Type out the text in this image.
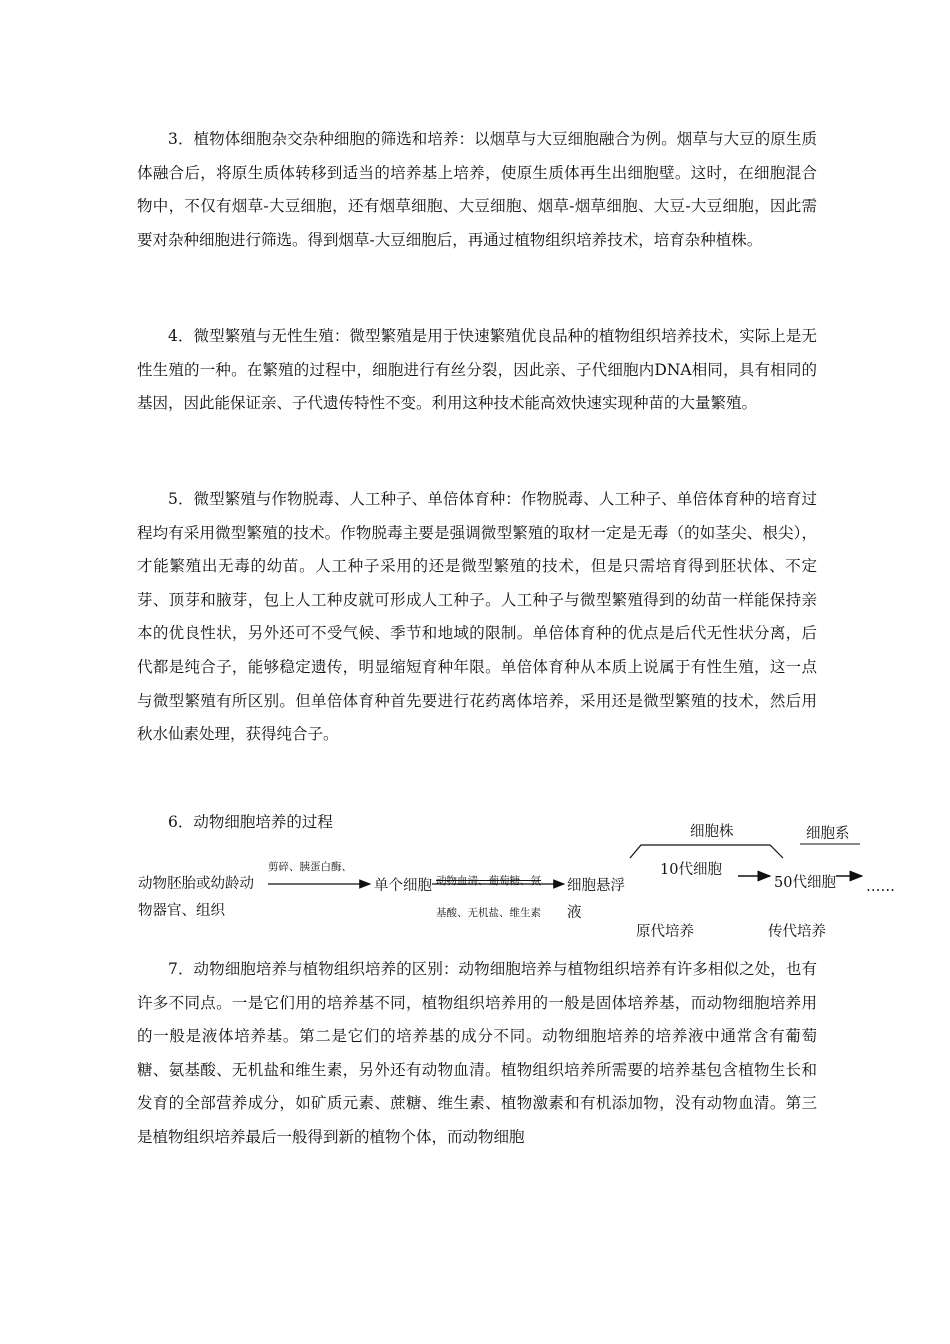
3．植物体细胞杂交杂种细胞的筛选和培养：以烟草与大豆细胞融合为例。烟草与大豆的原生质体融合后，将原生质体转移到适当的培养基上培养，使原生质体再生出细胞壁。这时，在细胞混合物中，不仅有烟草-大豆细胞，还有烟草细胞、大豆细胞、烟草-烟草细胞、大豆-大豆细胞，因此需要对杂种细胞进行筛选。得到烟草-大豆细胞后，再通过植物组织培养技术，培育杂种植株。

4．微型繁殖与无性生殖：微型繁殖是用于快速繁殖优良品种的植物组织培养技术，实际上是无性生殖的一种。在繁殖的过程中，细胞进行有丝分裂，因此亲、子代细胞内DNA相同，具有相同的基因，因此能保证亲、子代遗传特性不变。利用这种技术能高效快速实现种苗的大量繁殖。

5．微型繁殖与作物脱毒、人工种子、单倍体育种：作物脱毒、人工种子、单倍体育种的培育过程均有采用微型繁殖的技术。作物脱毒主要是强调微型繁殖的取材一定是无毒（的如茎尖、根尖），才能繁殖出无毒的幼苗。人工种子采用的还是微型繁殖的技术，但是只需培育得到胚状体、不定芽、顶芽和腋芽，包上人工种皮就可形成人工种子。人工种子与微型繁殖得到的幼苗一样能保持亲本的优良性状，另外还可不受气候、季节和地域的限制。单倍体育种的优点是后代无性状分离，后代都是纯合子，能够稳定遗传，明显缩短育种年限。单倍体育种从本质上说属于有性生殖，这一点与微型繁殖有所区别。但单倍体育种首先要进行花药离体培养，采用还是微型繁殖的技术，然后用秋水仙素处理，获得纯合子。

6．动物细胞培养的过程

细胞株	细胞系
动物胚胎或幼龄动
物器官、组织
剪碎、胰蛋白酶、
单个细胞 动物血清、葡萄糖、氨
基酸、无机盐、维生素
细胞悬浮
液
10代细胞
50代细胞 ……
原代培养	传代培养

7．动物细胞培养与植物组织培养的区别：动物细胞培养与植物组织培养有许多相似之处，也有许多不同点。一是它们用的培养基不同，植物组织培养用的一般是固体培养基，而动物细胞培养用的一般是液体培养基。第二是它们的培养基的成分不同。动物细胞培养的培养液中通常含有葡萄糖、氨基酸、无机盐和维生素，另外还有动物血清。植物组织培养所需要的培养基包含植物生长和发育的全部营养成分，如矿质元素、蔗糖、维生素、植物激素和有机添加物，没有动物血清。第三是植物组织培养最后一般得到新的植物个体，而动物细胞
